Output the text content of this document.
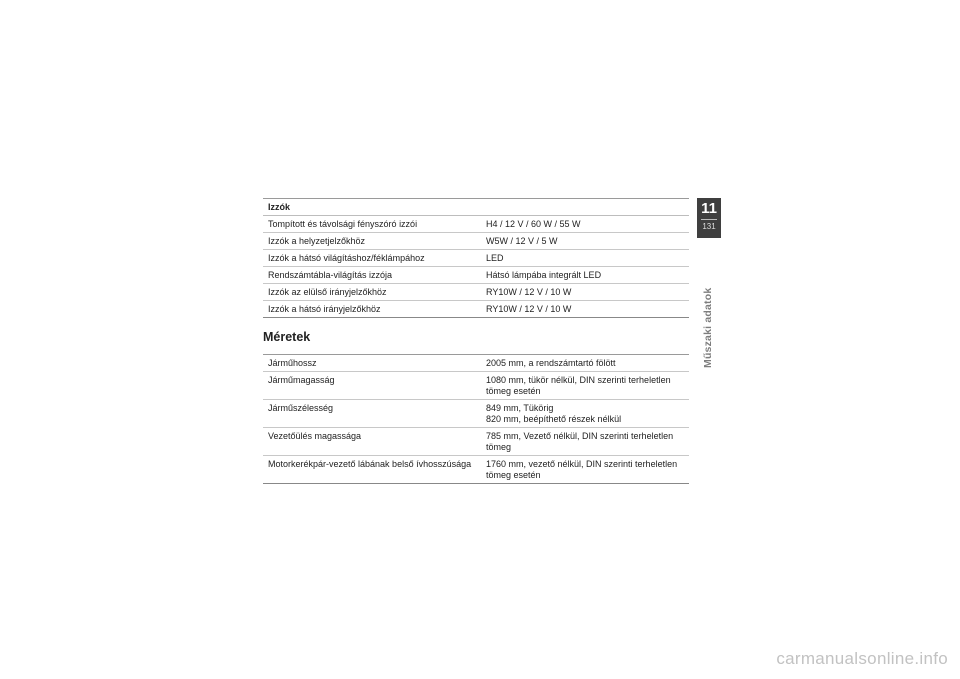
Izzók	
Tompított és távolsági fényszóró izzói	H4 / 12 V / 60 W / 55 W
Izzók a helyzetjelzőkhöz	W5W / 12 V / 5 W
Izzók a hátsó világításhoz/féklámpához	LED
Rendszámtábla-világítás izzója	Hátsó lámpába integrált LED
Izzók az elülső irányjelzőkhöz	RY10W / 12 V / 10 W
Izzók a hátsó irányjelzőkhöz	RY10W / 12 V / 10 W
Méretek
Járműhossz	2005 mm, a rendszámtartó fölött
Járműmagasság	1080 mm, tükör nélkül, DIN szerinti terheletlen tömeg esetén
Járműszélesség	849 mm, Tükörig
820 mm, beépíthető részek nélkül
Vezetőülés magassága	785 mm, Vezető nélkül, DIN szerinti terheletlen tömeg
Motorkerékpár-vezető lábának belső ívhosszúsága	1760 mm, vezető nélkül, DIN szerinti terheletlen tömeg esetén
11
131
Műszaki adatok
carmanualsonline.info
